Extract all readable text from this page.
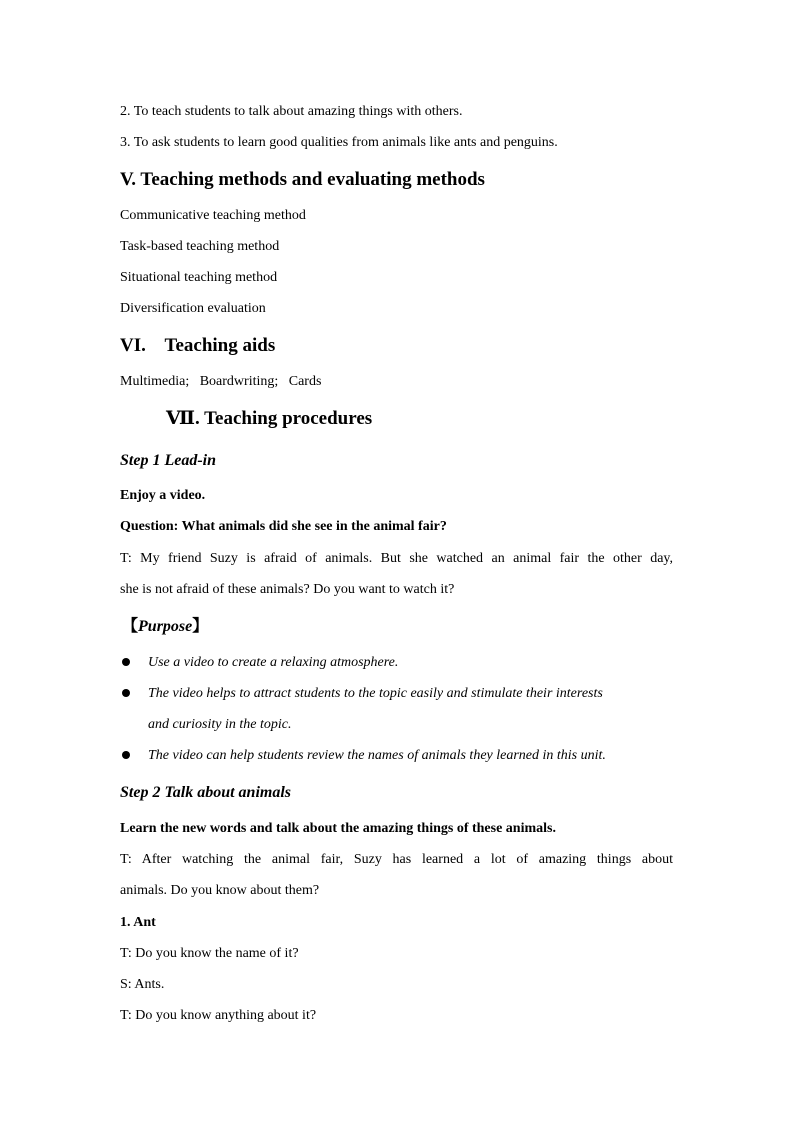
2. To teach students to talk about amazing things with others.
3. To ask students to learn good qualities from animals like ants and penguins.
V. Teaching methods and evaluating methods
Communicative teaching method
Task-based teaching method
Situational teaching method
Diversification evaluation
VI.    Teaching aids
Multimedia;   Boardwriting;   Cards
Ⅶ. Teaching procedures
Step 1 Lead-in
Enjoy a video.
Question: What animals did she see in the animal fair?
T: My friend Suzy is afraid of animals. But she watched an animal fair the other day,
she is not afraid of these animals? Do you want to watch it?
【Purpose】
Use a video to create a relaxing atmosphere.
The video helps to attract students to the topic easily and stimulate their interests
and curiosity in the topic.
The video can help students review the names of animals they learned in this unit.
Step 2 Talk about animals
Learn the new words and talk about the amazing things of these animals.
T: After watching the animal fair, Suzy has learned a lot of amazing things about
animals. Do you know about them?
1. Ant
T: Do you know the name of it?
S: Ants.
T: Do you know anything about it?
